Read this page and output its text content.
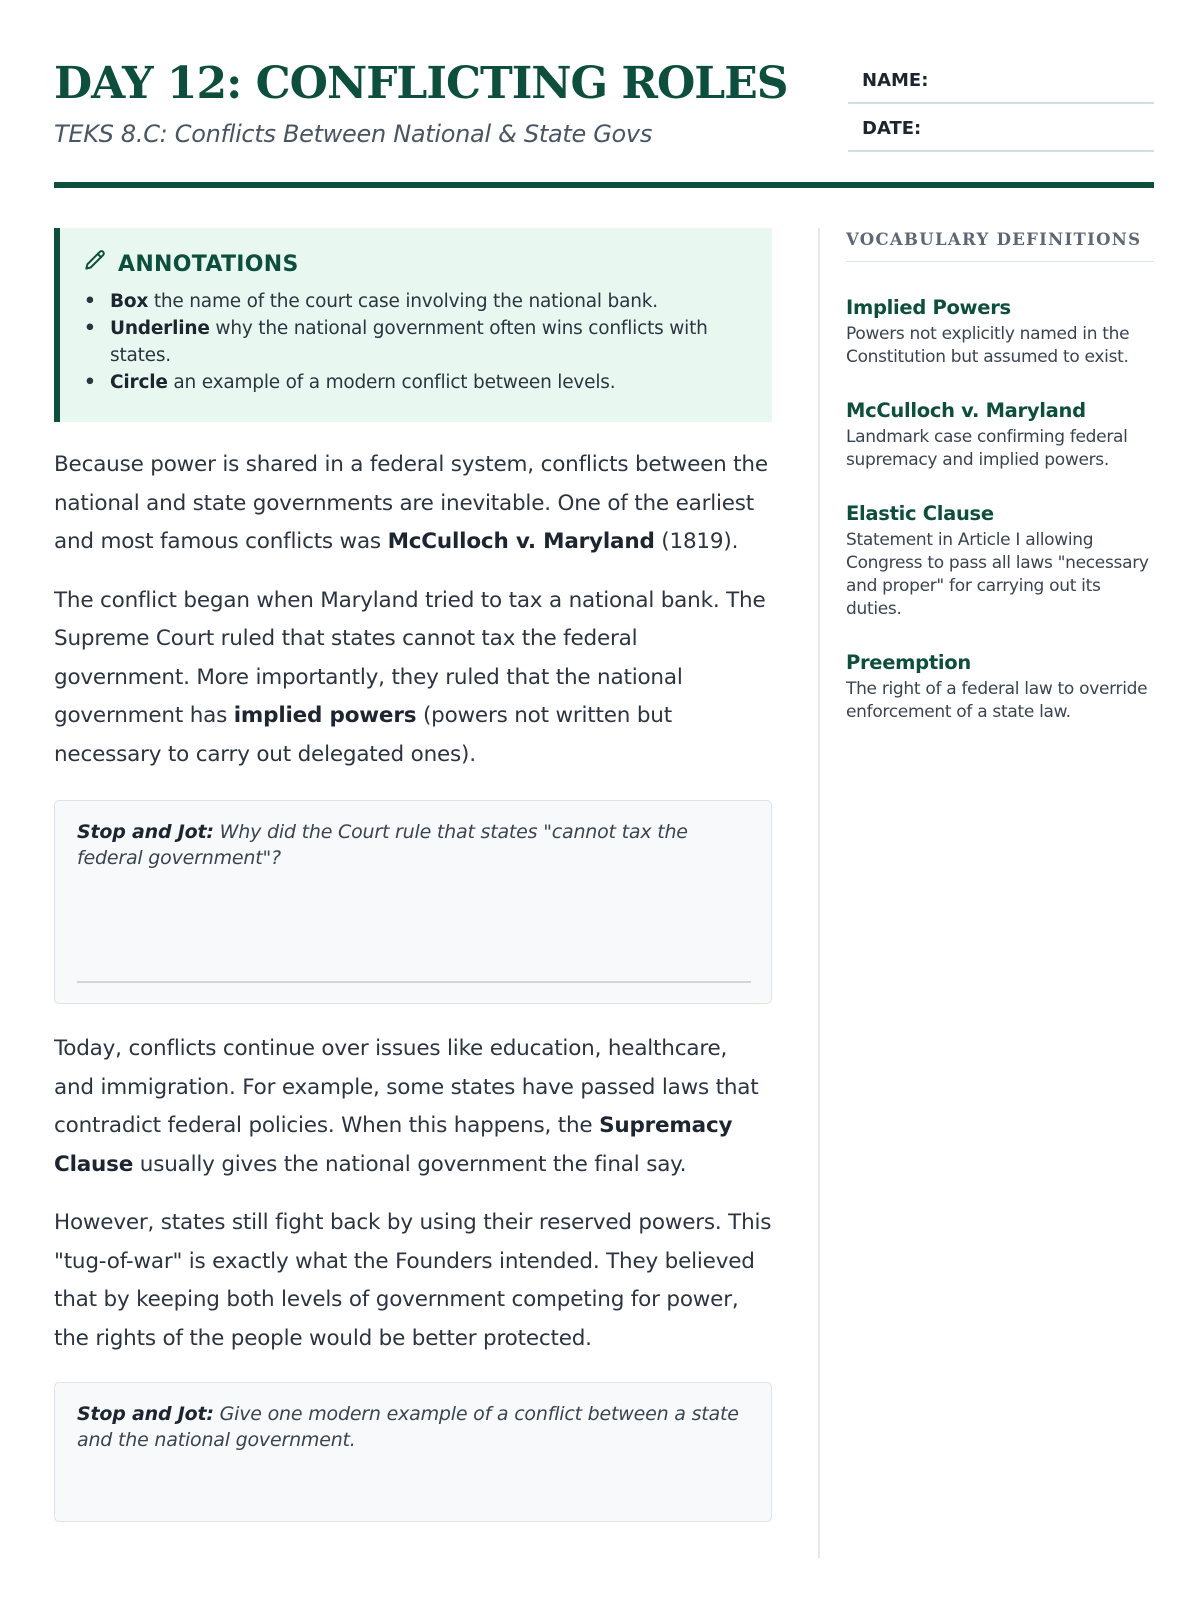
DAY 12: CONFLICTING ROLES
TEKS 8.C: Conflicts Between National & State Govs
NAME:
DATE:
ANNOTATIONS
• Box the name of the court case involving the national bank.
• Underline why the national government often wins conflicts with states.
• Circle an example of a modern conflict between levels.

Because power is shared in a federal system, conflicts between the national and state governments are inevitable. One of the earliest and most famous conflicts was McCulloch v. Maryland (1819).

The conflict began when Maryland tried to tax a national bank. The Supreme Court ruled that states cannot tax the federal government. More importantly, they ruled that the national government has implied powers (powers not written but necessary to carry out delegated ones).

Stop and Jot: Why did the Court rule that states "cannot tax the federal government"?

Today, conflicts continue over issues like education, healthcare, and immigration. For example, some states have passed laws that contradict federal policies. When this happens, the Supremacy Clause usually gives the national government the final say.

However, states still fight back by using their reserved powers. This "tug-of-war" is exactly what the Founders intended. They believed that by keeping both levels of government competing for power, the rights of the people would be better protected.

Stop and Jot: Give one modern example of a conflict between a state and the national government.
VOCABULARY DEFINITIONS
Implied Powers
Powers not explicitly named in the Constitution but assumed to exist.
McCulloch v. Maryland
Landmark case confirming federal supremacy and implied powers.
Elastic Clause
Statement in Article I allowing Congress to pass all laws "necessary and proper" for carrying out its duties.
Preemption
The right of a federal law to override enforcement of a state law.
